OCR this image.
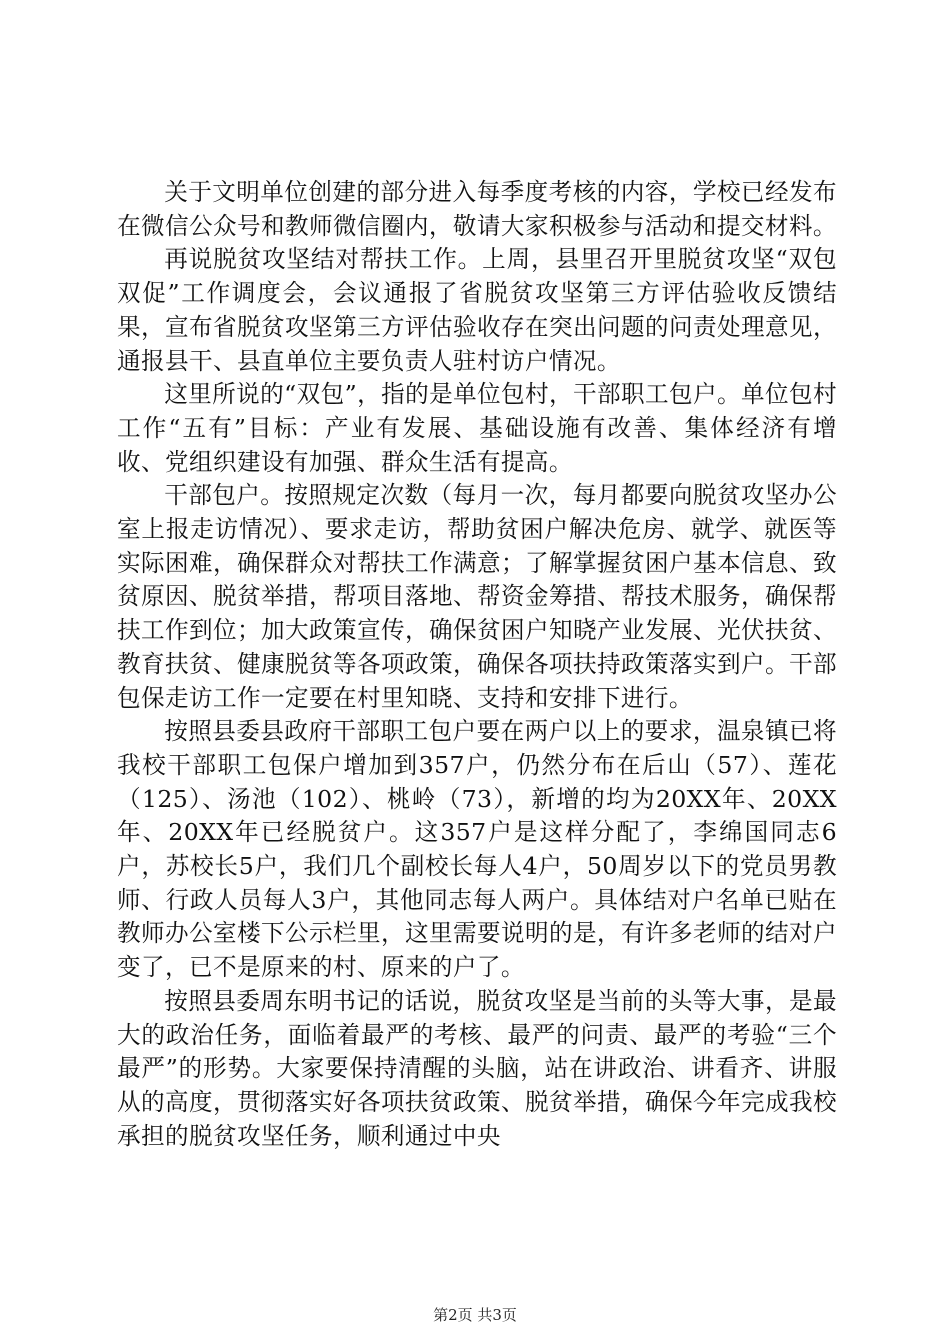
关于文明单位创建的部分进入每季度考核的内容，学校已经发布在微信公众号和教师微信圈内，敬请大家积极参与活动和提交材料。

再说脱贫攻坚结对帮扶工作。上周，县里召开里脱贫攻坚“双包双促”工作调度会，会议通报了省脱贫攻坚第三方评估验收反馈结果，宣布省脱贫攻坚第三方评估验收存在突出问题的问责处理意见，通报县干、县直单位主要负责人驻村访户情况。

这里所说的“双包”，指的是单位包村，干部职工包户。单位包村工作“五有”目标：产业有发展、基础设施有改善、集体经济有增收、党组织建设有加强、群众生活有提高。

干部包户。按照规定次数（每月一次，每月都要向脱贫攻坚办公室上报走访情况）、要求走访，帮助贫困户解决危房、就学、就医等实际困难，确保群众对帮扶工作满意；了解掌握贫困户基本信息、致贫原因、脱贫举措，帮项目落地、帮资金筹措、帮技术服务，确保帮扶工作到位；加大政策宣传，确保贫困户知晓产业发展、光伏扶贫、教育扶贫、健康脱贫等各项政策，确保各项扶持政策落实到户。干部包保走访工作一定要在村里知晓、支持和安排下进行。

按照县委县政府干部职工包户要在两户以上的要求，温泉镇已将我校干部职工包保户增加到357户，仍然分布在后山（57）、莲花（125）、汤池（102）、桃岭（73），新增的均为20XX年、20XX年、20XX年已经脱贫户。这357户是这样分配了，李绵国同志6户，苏校长5户，我们几个副校长每人4户，50周岁以下的党员男教师、行政人员每人3户，其他同志每人两户。具体结对户名单已贴在教师办公室楼下公示栏里，这里需要说明的是，有许多老师的结对户变了，已不是原来的村、原来的户了。

按照县委周东明书记的话说，脱贫攻坚是当前的头等大事，是最大的政治任务，面临着最严的考核、最严的问责、最严的考验“三个最严”的形势。大家要保持清醒的头脑，站在讲政治、讲看齐、讲服从的高度，贯彻落实好各项扶贫政策、脱贫举措，确保今年完成我校承担的脱贫攻坚任务，顺利通过中央

第2页 共3页
